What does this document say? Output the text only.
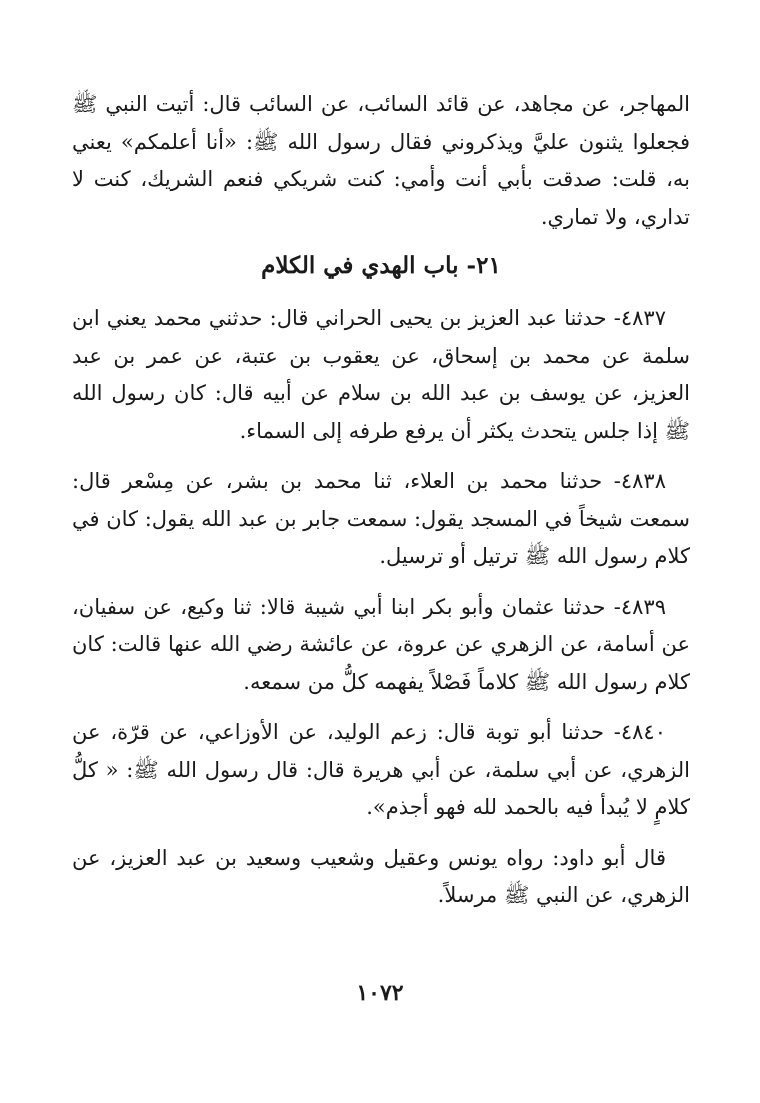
المهاجر، عن مجاهد، عن قائد السائب، عن السائب قال: أتيت النبي ﷺ فجعلوا يثنون عليَّ ويذكروني فقال رسول الله ﷺ: «أنا أعلمكم» يعني به، قلت: صدقت بأبي أنت وأمي: كنت شريكي فنعم الشريك، كنت لا تداري، ولا تماري.

٢١- باب الهدي في الكلام

٤٨٣٧- حدثنا عبد العزيز بن يحيى الحراني قال: حدثني محمد يعني ابن سلمة عن محمد بن إسحاق، عن يعقوب بن عتبة، عن عمر بن عبد العزيز، عن يوسف بن عبد الله بن سلام عن أبيه قال: كان رسول الله ﷺ إذا جلس يتحدث يكثر أن يرفع طرفه إلى السماء.

٤٨٣٨- حدثنا محمد بن العلاء، ثنا محمد بن بشر، عن مِسْعر قال: سمعت شيخاً في المسجد يقول: سمعت جابر بن عبد الله يقول: كان في كلام رسول الله ﷺ ترتيل أو ترسيل.

٤٨٣٩- حدثنا عثمان وأبو بكر ابنا أبي شيبة قالا: ثنا وكيع، عن سفيان، عن أسامة، عن الزهري عن عروة، عن عائشة رضي الله عنها قالت: كان كلام رسول الله ﷺ كلاماً فَصْلاً يفهمه كلُّ من سمعه.

٤٨٤٠- حدثنا أبو توبة قال: زعم الوليد، عن الأوزاعي، عن قرّة، عن الزهري، عن أبي سلمة، عن أبي هريرة قال: قال رسول الله ﷺ: « كلُّ كلامٍ لا يُبدأ فيه بالحمد لله فهو أجذم».

قال أبو داود: رواه يونس وعقيل وشعيب وسعيد بن عبد العزيز، عن الزهري، عن النبي ﷺ مرسلاً.

١٠٧٢
